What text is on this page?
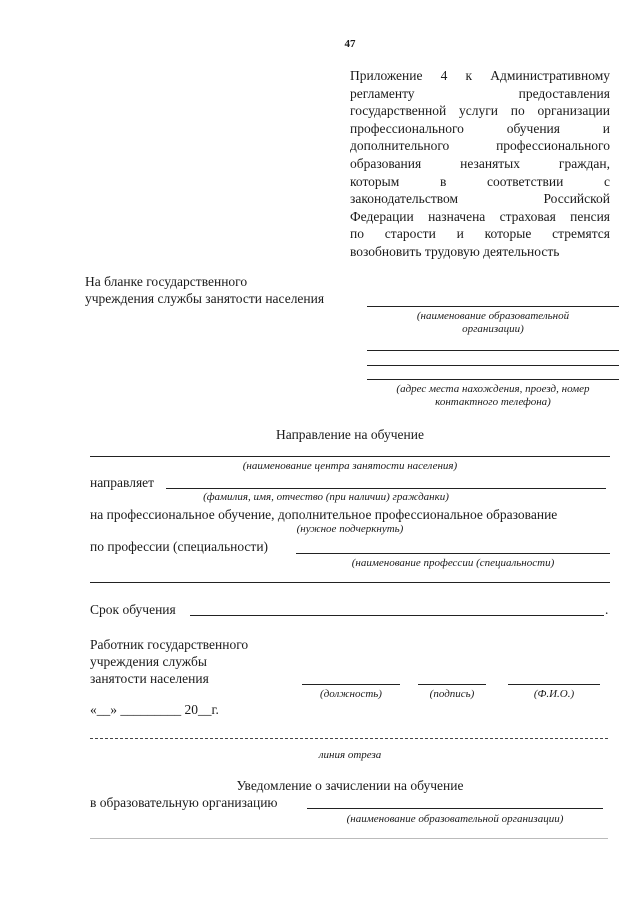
47
Приложение 4 к Административному
регламенту предоставления
государственной услуги по организации
профессионального обучения и
дополнительного профессионального
образования незанятых граждан,
которым в соответствии с
законодательством Российской
Федерации назначена страховая пенсия
по старости и которые стремятся
возобновить трудовую деятельность
На бланке государственного
учреждения службы занятости населения
(наименование образовательной
организации)
(адрес места нахождения, проезд, номер
контактного телефона)
Направление на обучение
(наименование центра занятости населения)
направляет
(фамилия, имя, отчество (при наличии) гражданки)
на профессиональное обучение, дополнительное профессиональное образование
(нужное подчеркнуть)
по профессии (специальности)
(наименование профессии (специальности)
Срок обучения	.
Работник государственного
учреждения службы
занятости населения
(должность)	(подпись)	(Ф.И.О.)
«__» _________ 20__г.
линия отреза
Уведомление о зачислении на обучение
в образовательную организацию
(наименование образовательной организации)
